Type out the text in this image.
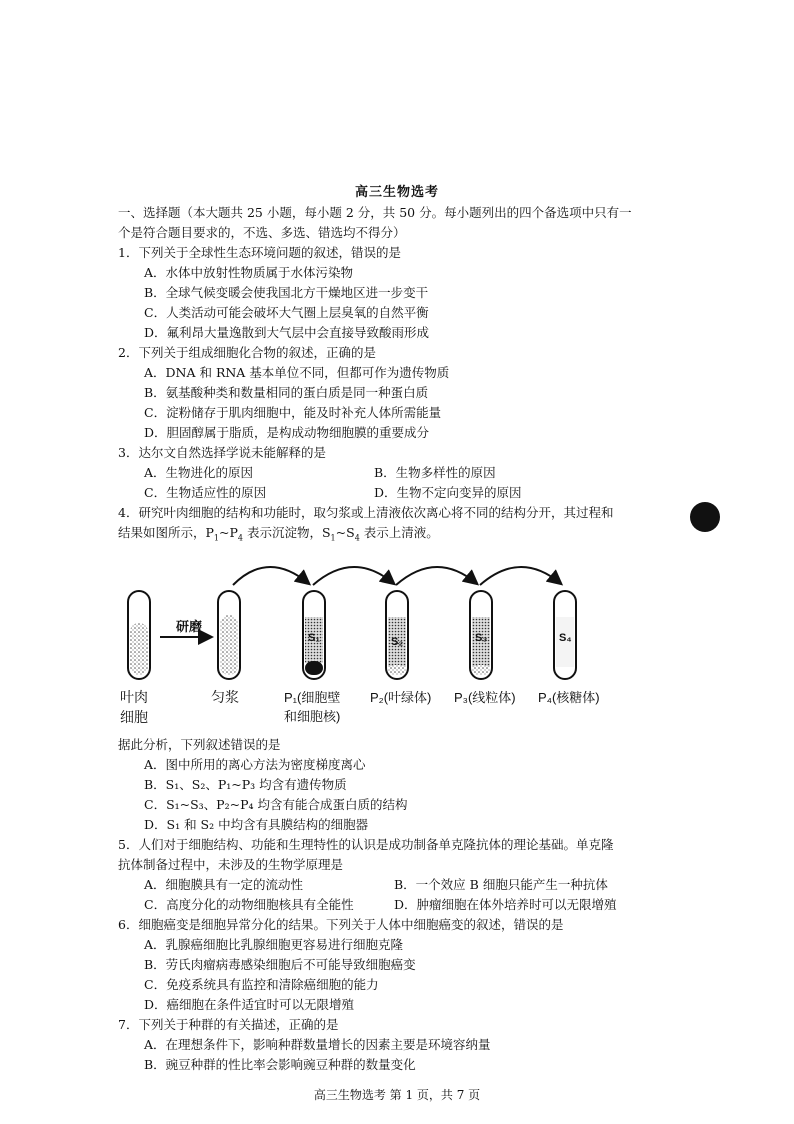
高三生物选考
一、选择题（本大题共 25 小题，每小题 2 分，共 50 分。每小题列出的四个备选项中只有一
个是符合题目要求的，不选、多选、错选均不得分）
1．下列关于全球性生态环境问题的叙述，错误的是
A．水体中放射性物质属于水体污染物
B．全球气候变暖会使我国北方干燥地区进一步变干
C．人类活动可能会破坏大气圈上层臭氧的自然平衡
D．氟利昂大量逸散到大气层中会直接导致酸雨形成
2．下列关于组成细胞化合物的叙述，正确的是
A．DNA 和 RNA 基本单位不同，但都可作为遗传物质
B．氨基酸种类和数量相同的蛋白质是同一种蛋白质
C．淀粉储存于肌肉细胞中，能及时补充人体所需能量
D．胆固醇属于脂质，是构成动物细胞膜的重要成分
3．达尔文自然选择学说未能解释的是
A．生物进化的原因	B．生物多样性的原因
C．生物适应性的原因	D．生物不定向变异的原因
4．研究叶肉细胞的结构和功能时，取匀浆或上清液依次离心将不同的结构分开，其过程和
结果如图所示，$P_1\sim P_4$ 表示沉淀物，$S_1\sim S_4$ 表示上清液。
研磨
S₁	S₂	S₃	S₄
叶肉
细胞
匀浆	P₁(细胞壁
和细胞核)
P₂(叶绿体) P₃(线粒体) P₄(核糖体)
据此分析，下列叙述错误的是
A．图中所用的离心方法为密度梯度离心
B．S₁、S₂、P₁~P₃ 均含有遗传物质
C．S₁~S₃、P₂~P₄ 均含有能合成蛋白质的结构
D．S₁ 和 S₂ 中均含有具膜结构的细胞器
5．人们对于细胞结构、功能和生理特性的认识是成功制备单克隆抗体的理论基础。单克隆
抗体制备过程中，未涉及的生物学原理是
A．细胞膜具有一定的流动性	B．一个效应 B 细胞只能产生一种抗体
C．高度分化的动物细胞核具有全能性	D．肿瘤细胞在体外培养时可以无限增殖
6．细胞癌变是细胞异常分化的结果。下列关于人体中细胞癌变的叙述，错误的是
A．乳腺癌细胞比乳腺细胞更容易进行细胞克隆
B．劳氏肉瘤病毒感染细胞后不可能导致细胞癌变
C．免疫系统具有监控和清除癌细胞的能力
D．癌细胞在条件适宜时可以无限增殖
7．下列关于种群的有关描述，正确的是
A．在理想条件下，影响种群数量增长的因素主要是环境容纳量
B．豌豆种群的性比率会影响豌豆种群的数量变化
高三生物选考 第 1 页，共 7 页
